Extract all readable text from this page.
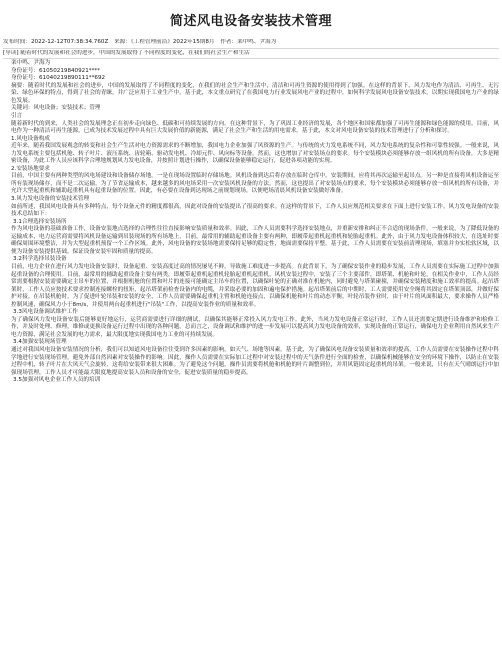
简述风电设备安装技术管理
发布时间：2022-12-12T07:38:34.760Z 来源：《工程管理前沿》2022年15期8月 作者：栾中鸣、尹海为
[导读] 随着时代的发展和社会的进步，中国的发展取得了不同程度的变化，在我们的社会生产和生活

栾中鸣、尹海为

身份证号：61050219840921****

身份证号：61040219890111**692

摘要：随着时代的发展和社会的进步，中国的发展取得了不同程度的变化，在我们的社会生产和生活中，清洁和可再生资源的使用得到了加强。在这样的背景下，风力发电作为清洁、可再生、无污染、绿色环保的特点，得到了社会的青睐，并广泛应用于工业生产中。基于此，本文重点研究了在我国电力行业发展风电产业的过程中，如何科学发展风电设备安装技术，以期实现我国电力产业的绿色发展。

关键词：风电设备；安装技术；管理

引言

随着新时代的到来，人类社会的发展理念正在初步走向绿色、低碳和可持续发展的方向。在这种背景下，为了巩固工业经济的发展，各个地区和国家都加强了可再生能源和绿色能源的使用。目前，风电作为一种清洁可再生能源，已成为技术发展过程中具有巨大发展价值的新能源，满足了社会生产和生活的用电需求。基于此，本文对风电设备安装的技术管理进行了分析和探讨。

1.风电设备构成

近年来，随着我国发展观念的转变和社会生产生活对电力资源需求的不断增加，我国电力企业加强了风资源的生产。与传统的火力发电系统不同，风力发电系统的复杂性和可靠性较强。一般来说，风力发电系统主要包括机舱、转子叶片、液压系统、齿轮箱、驱动发电机、冷却元件、风向标等设备。然而，这也增加了对安装场点的要求。每个安装模块必须能够存放一组风机的所有设备，大多是精密设备，为此工作人员应该科学合理地规划风力发电设备，并按照计划进行操作，以确保设备能够稳定运行，促进各项功能的实现。

2.安装场地要求

目前，中国主要有两种类型的风电场建设和设备储存场地。一是在现场设置临时存储场地。风机设备到达后将存放在临时仓库中。安装期间，应将其再次运输至起吊点。另一种是直接将风机设备运至所有装现场储存，而不是二次运输。为了节省运输成本，越来越多的风电场采用一次安装风机设备的方法。然而，这也提出了对安装场点的要求，每个安装模块必须能够存放一组风机的所有设备，并允许大型起重机和辅助起重机具有起重设备的位置。因此，有必要在设备到达现场之前规划现场，以便吧场清晨风机设备安装做好准备。

3.风力发电设备的安装技术管理

如前所述，我国风电设备具有多种特点，每个设备元件的精度都很高，因此对设备的安装提出了很高的要求。在这样的背景下，工作人员应规范相关要求在下面上进行安装工作。风力发电设备的安装技术总结如下：

3.1合理选择安装场所

作为风电设备的基础准备工作，设备安装地点选择的合理性往往直接影响安装质量和效率。因此，工作人员需要科学选择安装地点，并重新安排和纠正不合适的现场条件。一般来说，为了降低设备的运输成本，电力运营商需要将风机设备运输到吊装现场的所有场地上，目前，最常用的辅助起重设备主要有两种，即履带起重机起重机和轮胎起重机。此外，由于风力发电设备体积较大，在选址时要确保周围环境整洁，并为大型起重机预留一个工作区域。此外，风电设备的安装场地需要保持足够的稳定性，地面需要保持平整。基于此，工作人员需要在安装前清理现场，填塞并夯实松软区域，以便为设备安装提供基础，保证设备安装牢固和质量的提高。

3.2科学选择吊装设备

目前，电力企业在进行风力发电设备安装时，设备起重、安装高度过高的情况屡见不鲜，导致施工难度进一步提高。在此背景下，为了确保安装作业的稳步发展，工作人员需要在实际施工过程中加强起重设备的合理使用。目前，最常用的辅助起重设备主要有两类，即履带起重机起重机轮胎起重机起重机。风机安装过程中，安装了三个主要部件，即塔架、机舱和叶轮。在相关作业中，工作人员经常需要根据安装需要确定主吊车的位置，并根据机舱的位置和叶片的连接可能确定主吊车的位置，以确保叶轮的正确对准在机舱内，同时避免与塔架碰撞，并确保安装精度和施工效率的提高。起吊塔架时，工作人员应按技术要求控制连接螺栓的扭矩，起吊塔架前检查设备内的电缆，并采取必要的加固和遍电保护措施。起吊塔架前后的中期时，工人需要使用安全绳将其固定在塔架顶部，并做好保护对接。在吊装机舱时，为了促进叶轮吊装和安装的安全，工作人员需要确保起重机主臂和机舱连接点，以确保机舱和叶片的动态平衡。叶轮吊装作业时，由于叶片的风面积最大，要求操作人员严格控制风速，确保风力小于8m/s，并使用两台起重机进行"吊装"工作，以提高安装作业的质量和效率。

3.3风电设备调试维护工作

为了确保风力发电设备安装后能够更好地运行，运营商需要进行详细的测试，以确保其能够正常投入风力发电工作。此外，当风力发电设备正常运行时，工作人员还需要定期进行设备维护和检修工作，并及时处理、修理，维修或更换设备运行过程中出现的各种问题。总而言之，设备调试和维护的进一步发展可以提高风力发电设备的效率，实现设备的正常运行，确保电力企业利用自然风来生产电力资源，满足社会发展的电力需求，最大限度地实现我国电力工业的可持续发展。

3.4加强安装现场管理

通过对我国风电设备安装情况的分析，我们可以知道风电设备往往受到许多因素的影响，如天气、场地等因素。基于此，为了确保风电设备安装质量和效率的提高，工作人员需要在安装操作过程中科学地进行安装现场管理，避免外部自然因素对安装操作的影响。因此，操作人员需要在实际加工过程中对安装过程中的天气条件进行全面的检查，以确保机械能够在安全的环境下操作，以防止在安装过程中机，转子叶片在大风天气会旋转，这将给安装带来很大困难。为了避免这个问题，操作员需要将机舱和机舱的叶片调整到位，并用风链固定起重机的吊架。一般来说，只有在天气晴朗运行中加强现场管理，工作人员才可能最大限度地提高安装人员和设备的安全，促进安装质量的稳步提高。

3.5加强对风电企业工作人员的培训
